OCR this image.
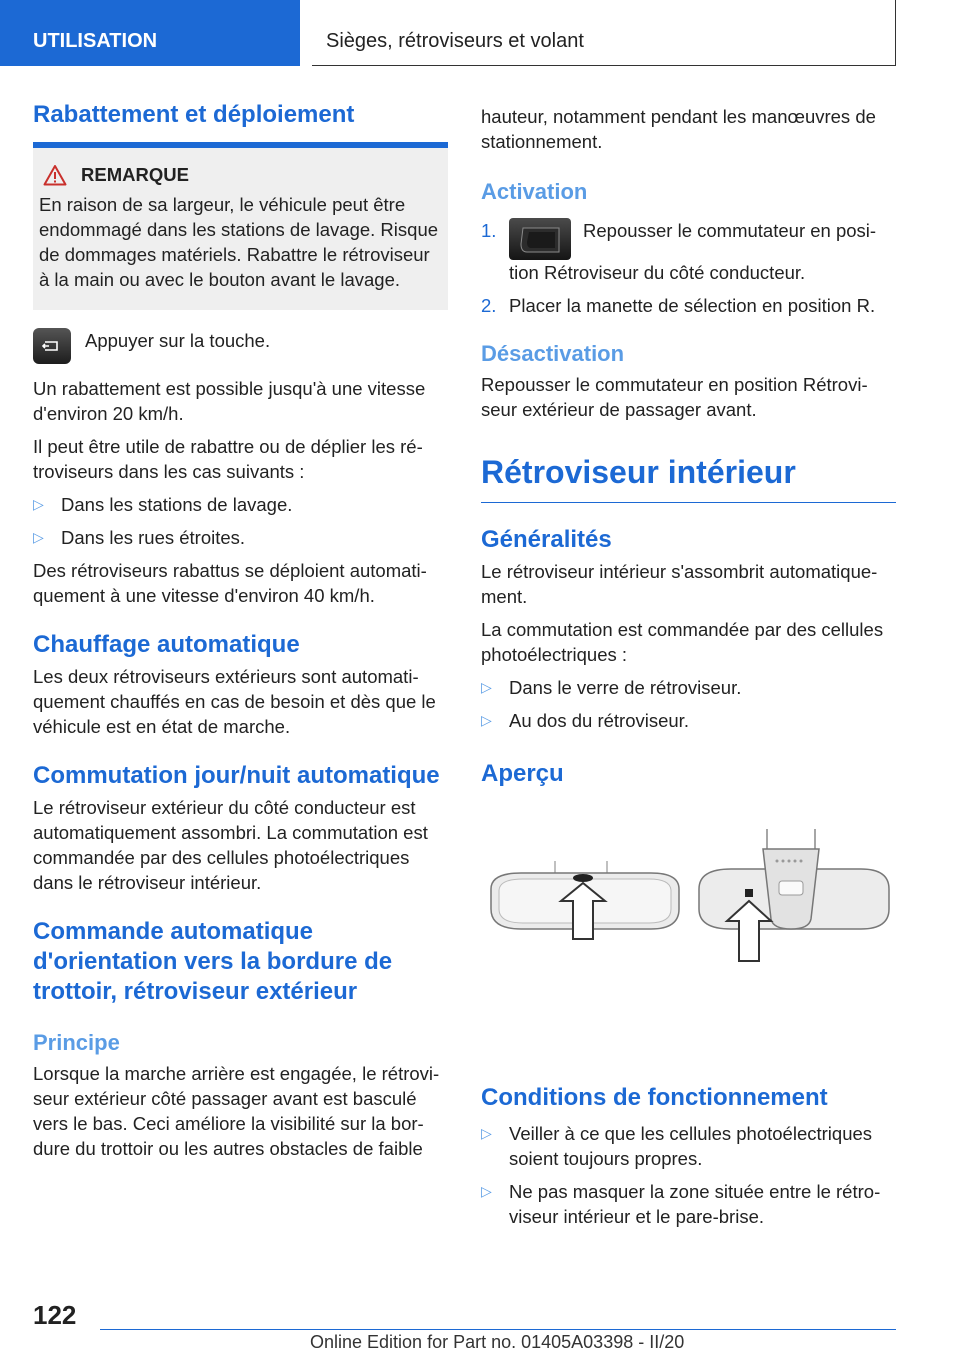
UTILISATION	Sièges, rétroviseurs et volant
Rabattement et déploiement
REMARQUE

En raison de sa largeur, le véhicule peut être endommagé dans les stations de lavage. Risque de dommages matériels. Rabattre le rétroviseur à la main ou avec le bouton avant le lavage.

Appuyer sur la touche.

Un rabattement est possible jusqu'à une vitesse d'environ 20 km/h.

Il peut être utile de rabattre ou de déplier les rétroviseurs dans les cas suivants :

▷ Dans les stations de lavage.

▷ Dans les rues étroites.

Des rétroviseurs rabattus se déploient automatiquement à une vitesse d'environ 40 km/h.

Chauffage automatique

Les deux rétroviseurs extérieurs sont automatiquement chauffés en cas de besoin et dès que le véhicule est en état de marche.

Commutation jour/nuit automatique

Le rétroviseur extérieur du côté conducteur est automatiquement assombri. La commutation est commandée par des cellules photoélectriques dans le rétroviseur intérieur.

Commande automatique d'orientation vers la bordure de trottoir, rétroviseur extérieur
Principe

Lorsque la marche arrière est engagée, le rétroviseur extérieur côté passager avant est basculé vers le bas. Ceci améliore la visibilité sur la bordure du trottoir ou les autres obstacles de faible

hauteur, notamment pendant les manœuvres de stationnement.

Activation
1.	Repousser le commutateur en position Rétroviseur du côté conducteur.

2. Placer la manette de sélection en position R.

Désactivation

Repousser le commutateur en position Rétroviseur extérieur de passager avant.

Rétroviseur intérieur
Généralités

Le rétroviseur intérieur s'assombrit automatiquement.

La commutation est commandée par des cellules photoélectriques :

▷ Dans le verre de rétroviseur.

▷ Au dos du rétroviseur.

Aperçu
Conditions de fonctionnement
▷ Veiller à ce que les cellules photoélectriques soient toujours propres.

▷ Ne pas masquer la zone située entre le rétroviseur intérieur et le pare-brise.

122
Online Edition for Part no. 01405A03398 - II/20
